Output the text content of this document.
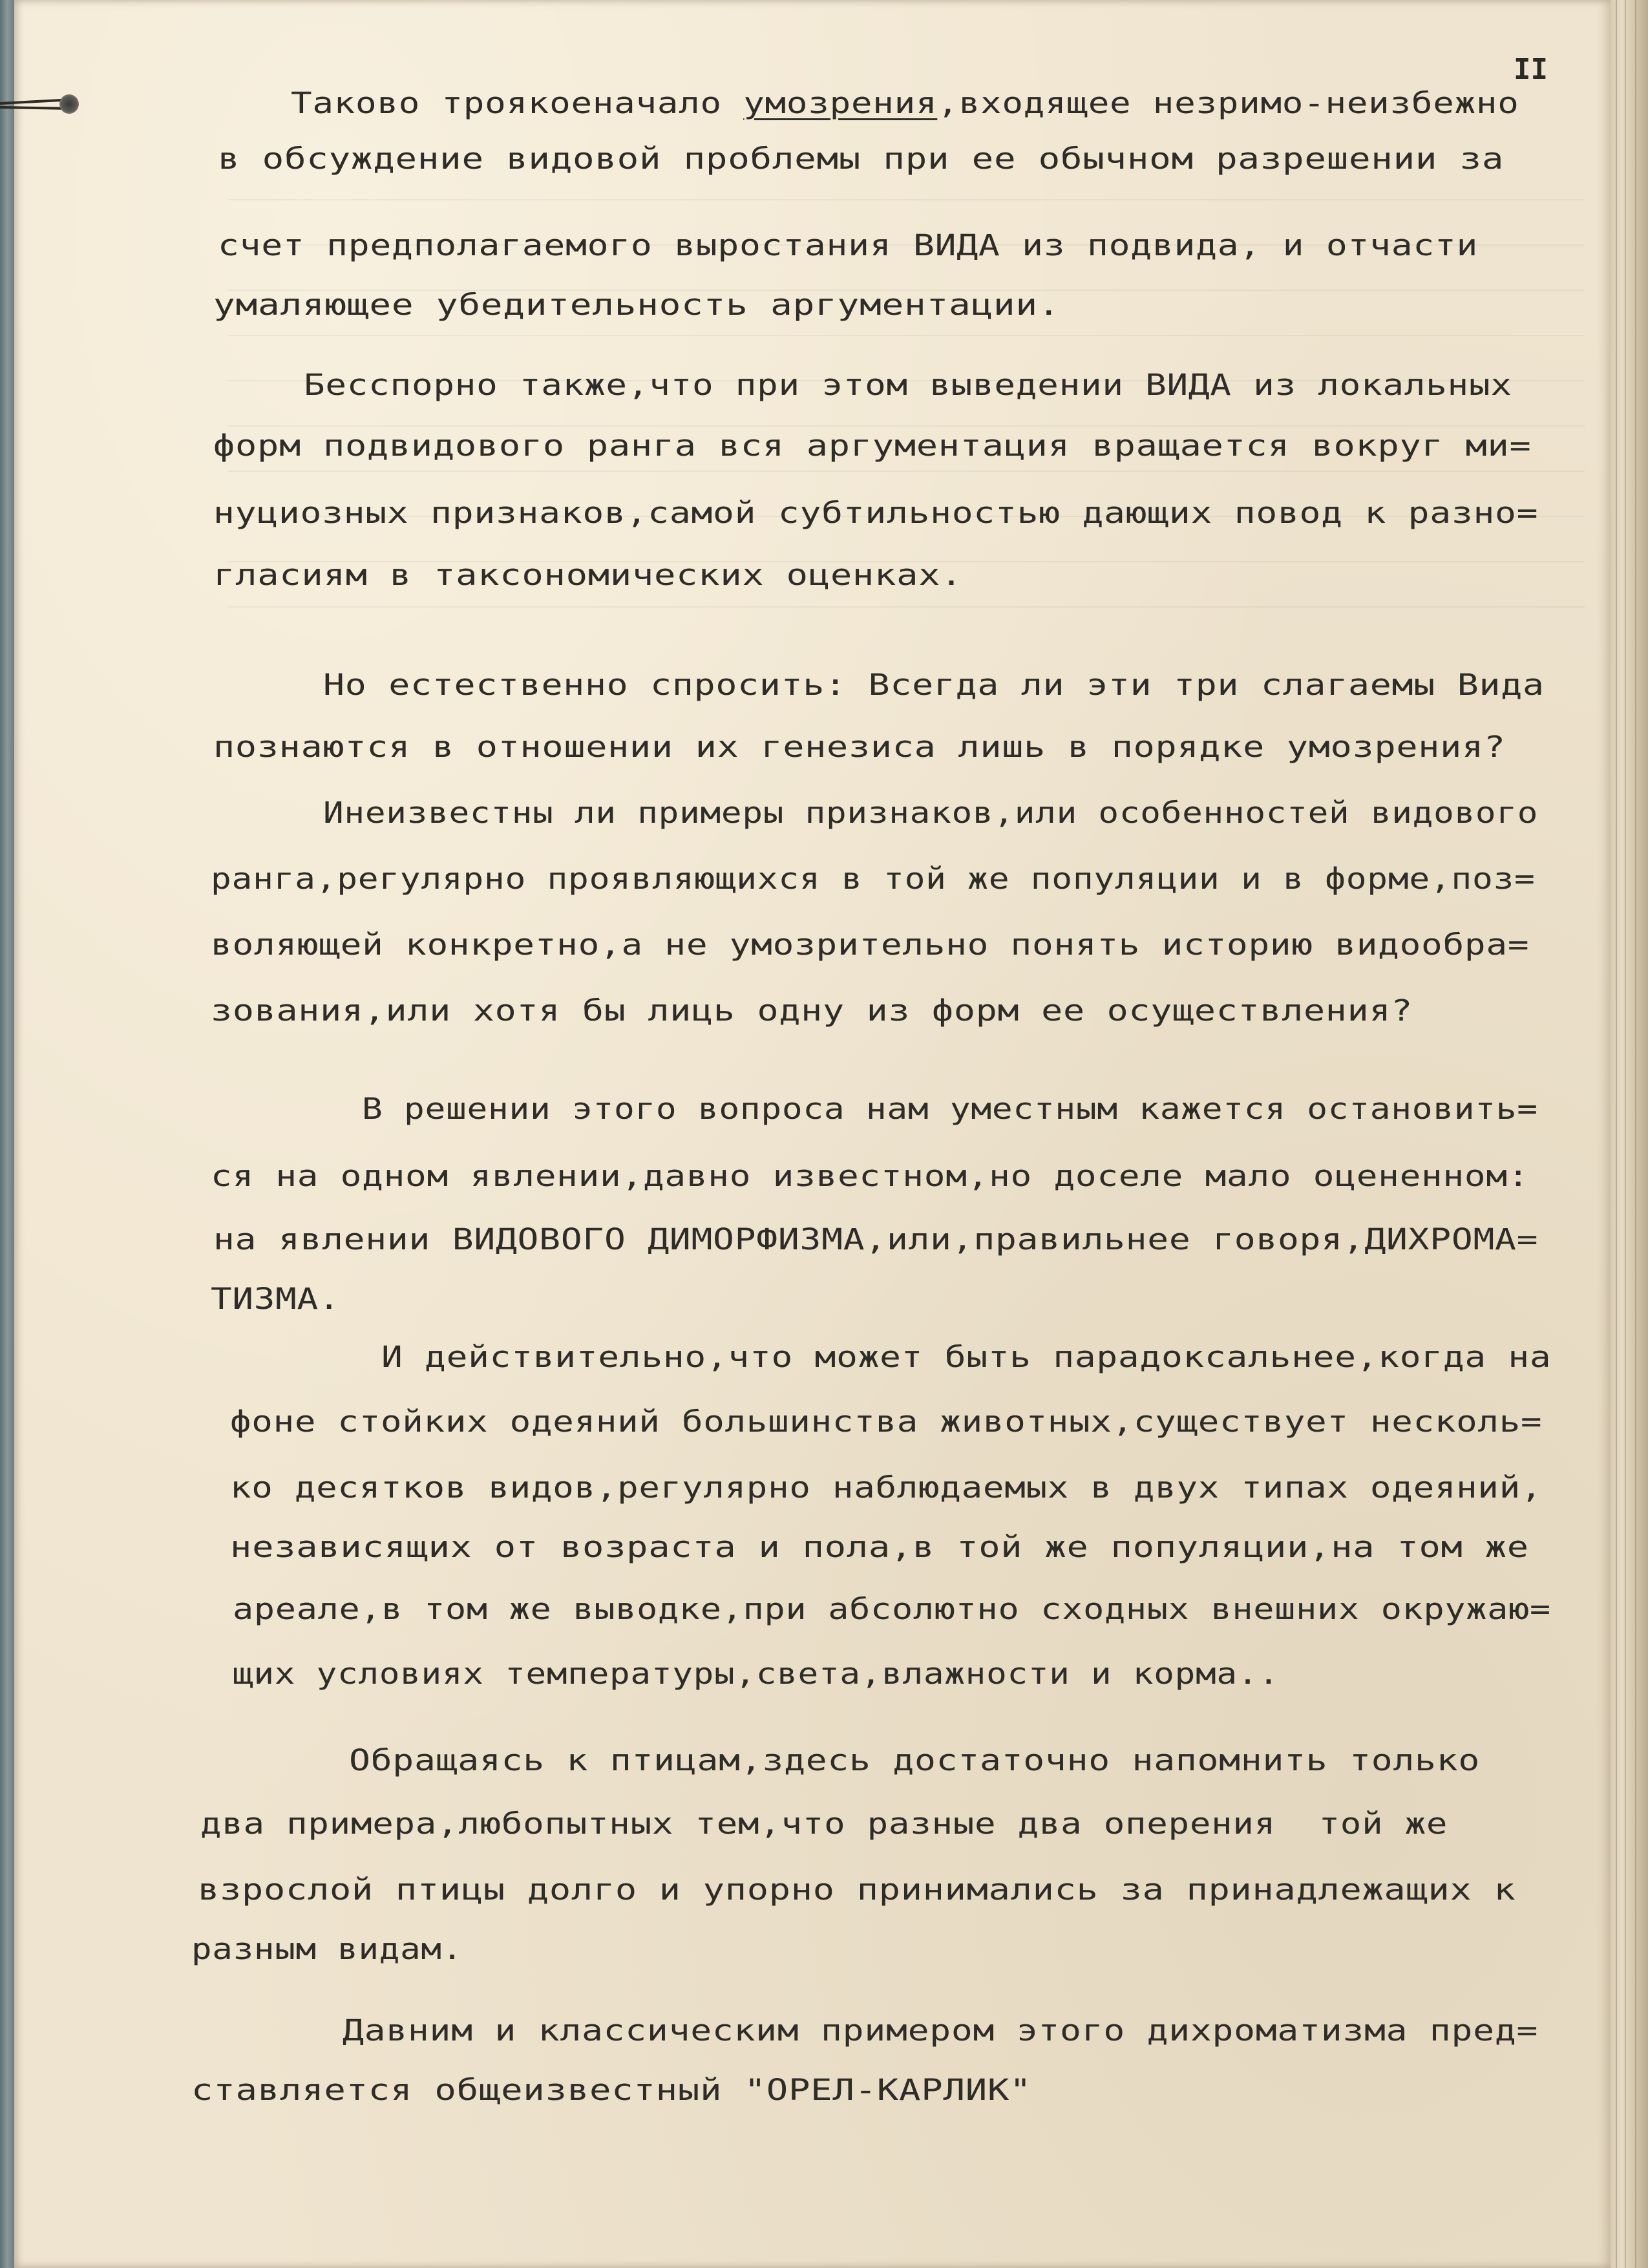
II
Таково троякоеначало умозрения,входящее незримо-неизбежно
в обсуждение видовой проблемы при ее обычном разрешении за
счет предполагаемого выростания ВИДА из подвида, и отчасти
умаляющее убедительность аргументации.
Бесспорно также,что при этом выведении ВИДА из локальных
форм подвидового ранга вся аргументация вращается вокруг ми=
нуциозных признаков,самой субтильностью дающих повод к разно=
гласиям в таксономических оценках.
Но естественно спросить: Всегда ли эти три слагаемы Вида
познаются в отношении их генезиса лишь в порядке умозрения?
Инеизвестны ли примеры признаков,или особенностей видового
ранга,регулярно проявляющихся в той же популяции и в форме,поз=
воляющей конкретно,а не умозрительно понять историю видообра=
зования,или хотя бы лиць одну из форм ее осуществления?
В решении этого вопроса нам уместным кажется остановить=
ся на одном явлении,давно известном,но доселе мало оцененном:
на явлении ВИДОВОГО ДИМОРФИЗМА,или,правильнее говоря,ДИХРОМА=
ТИЗМА.
И действительно,что может быть парадоксальнее,когда на
фоне стойких одеяний большинства животных,существует несколь=
ко десятков видов,регулярно наблюдаемых в двух типах одеяний,
независящих от возраста и пола,в той же популяции,на том же
ареале,в том же выводке,при абсолютно сходных внешних окружаю=
щих условиях температуры,света,влажности и корма..
Обращаясь к птицам,здесь достаточно напомнить только
два примера,любопытных тем,что разные два оперения  той же
взрослой птицы долго и упорно принимались за принадлежащих к
разным видам.
Давним и классическим примером этого дихроматизма пред=
ставляется общеизвестный "ОРЕЛ-КАРЛИК"
